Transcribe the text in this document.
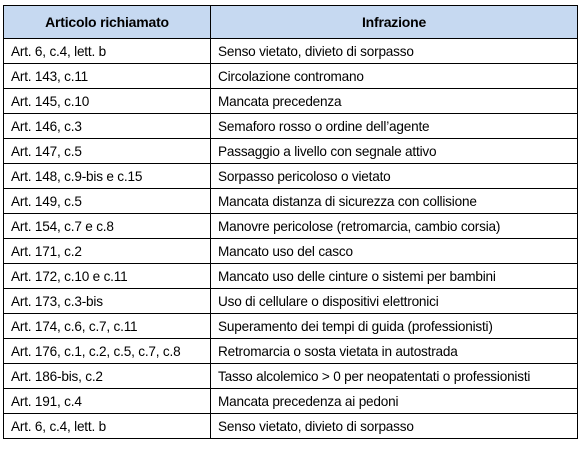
Articolo richiamato	Infrazione
Art. 6, c.4, lett. b	Senso vietato, divieto di sorpasso
Art. 143, c.11	Circolazione contromano
Art. 145, c.10	Mancata precedenza
Art. 146, c.3	Semaforo rosso o ordine dell’agente
Art. 147, c.5	Passaggio a livello con segnale attivo
Art. 148, c.9-bis e c.15	Sorpasso pericoloso o vietato
Art. 149, c.5	Mancata distanza di sicurezza con collisione
Art. 154, c.7 e c.8	Manovre pericolose (retromarcia, cambio corsia)
Art. 171, c.2	Mancato uso del casco
Art. 172, c.10 e c.11	Mancato uso delle cinture o sistemi per bambini
Art. 173, c.3-bis	Uso di cellulare o dispositivi elettronici
Art. 174, c.6, c.7, c.11	Superamento dei tempi di guida (professionisti)
Art. 176, c.1, c.2, c.5, c.7, c.8	Retromarcia o sosta vietata in autostrada
Art. 186-bis, c.2	Tasso alcolemico > 0 per neopatentati o professionisti
Art. 191, c.4	Mancata precedenza ai pedoni
Art. 6, c.4, lett. b	Senso vietato, divieto di sorpasso
